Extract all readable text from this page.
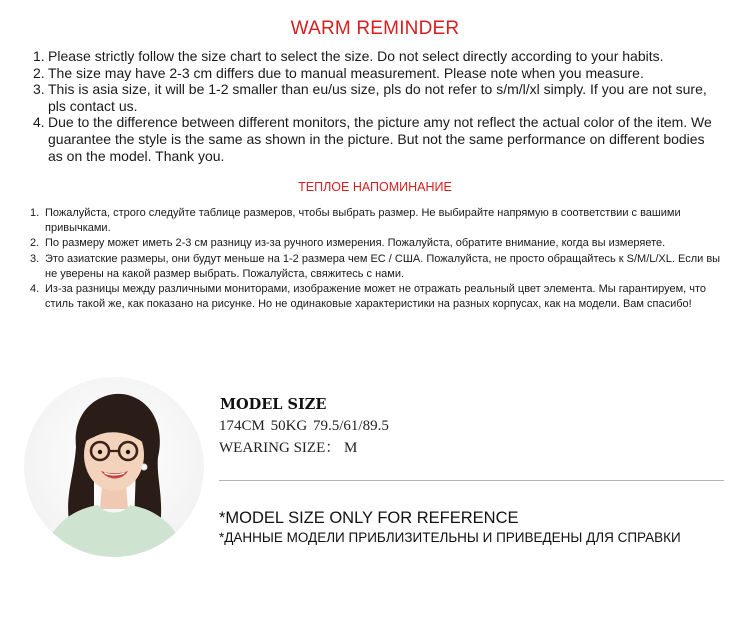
WARM REMINDER
1. Please strictly follow the size chart to select the size. Do not select directly according to your habits.
2. The size may have 2-3 cm differs due to manual measurement. Please note when you measure.
3. This is asia size, it will be 1-2 smaller than eu/us size, pls do not refer to s/m/l/xl simply. If you are not sure, pls contact us.
4. Due to the difference between different monitors, the picture amy not reflect the actual color of the item. We guarantee the style is the same as shown in the picture. But not the same performance on different bodies as on the model. Thank you.
ТЕПЛОЕ НАПОМИНАНИЕ
1. Пожалуйста, строго следуйте таблице размеров, чтобы выбрать размер. Не выбирайте напрямую в соответствии с вашими привычками.
2. По размеру может иметь 2-3 см разницу из-за ручного измерения. Пожалуйста, обратите внимание, когда вы измеряете.
3. Это азиатские размеры, они будут меньше на 1-2 размера чем EC / США. Пожалуйста, не просто обращайтесь к S/M/L/XL. Если вы не уверены на какой размер выбрать. Пожалуйста, свяжитесь с нами.
4. Из-за разницы между различными мониторами, изображение может не отражать реальный цвет элемента. Мы гарантируем, что стиль такой же, как показано на рисунке. Но не одинаковые характеристики на разных корпусах, как на модели. Вам спасибо!
MODEL SIZE
174CM 50KG 79.5/61/89.5
WEARING SIZE： M
*MODEL SIZE ONLY FOR REFERENCE
*ДАННЫЕ МОДЕЛИ ПРИБЛИЗИТЕЛЬНЫ И ПРИВЕДЕНЫ ДЛЯ СПРАВКИ
